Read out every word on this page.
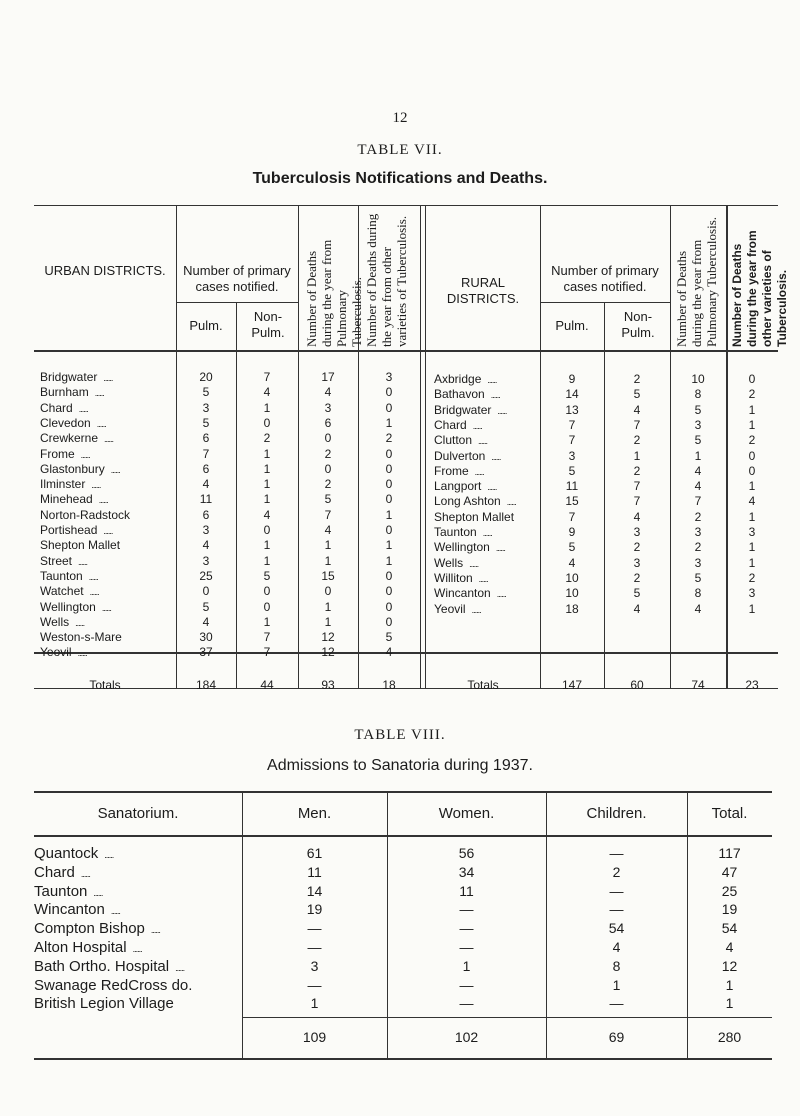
12
TABLE VII.
Tuberculosis Notifications and Deaths.
URBAN DISTRICTS.	Number of primary cases notified.
Pulm.
Non- Pulm.	Number of Deaths during the year from Pulmonary Tuberculosis. Number of Deaths during the year from other varieties of Tuberculosis.	RURAL DISTRICTS.
Number of primary cases notified.
Pulm.
Non- Pulm.	Number of Deaths during the year from Pulmonary Tuberculosis. Number of Deaths during the year from other varieties of Tuberculosis.
Bridgwater ......	20	7	17	3
Burnham ......	5	4	4	0
Chard ......	3	1	3	0
Clevedon ......	5	0	6	1
Crewkerne ......	6	2	0	2
Frome ......	7	1	2	0
Glastonbury ......	6	1	0	0
Ilminster ......	4	1	2	0
Minehead ......	11	1	5	0
Norton-Radstock	6	4	7	1
Portishead ......	3	0	4	0
Shepton Mallet	4	1	1	1
Street ......	3	1	1	1
Taunton ......	25	5	15	0
Watchet ......	0	0	0	0
Wellington ......	5	0	1	0
Wells ......	4	1	1	0
Weston-s-Mare	30	7	12	5
Yeovil ......	37	7	12	4
Axbridge ......	9	2	10	0
Bathavon ......	14	5	8	2
Bridgwater ......	13	4	5	1
Chard ......	7	7	3	1
Clutton ......	7	2	5	2
Dulverton ......	3	1	1	0
Frome ......	5	2	4	0
Langport ......	11	7	4	1
Long Ashton ......	15	7	7	4
Shepton Mallet	7	4	2	1
Taunton ......	9	3	3	3
Wellington ......	5	2	2	1
Wells ......	4	3	3	1
Williton ......	10	2	5	2
Wincanton ......	10	5	8	3
Yeovil ......	18	4	4	1
Totals	184	44	93	18	Totals	147	60	74	23
TABLE VIII.
Admissions to Sanatoria during 1937.
Sanatorium.	Men.	Women.	Children.	Total.
Quantock ......	61	56	—	117
Chard ......	11	34	2	47
Taunton ......	14	11	—	25
Wincanton ......	19	—	—	19
Compton Bishop ......	—	—	54	54
Alton Hospital ......	—	—	4	4
Bath Ortho. Hospital ......	3	1	8	12
Swanage RedCross do.	—	—	1	1
British Legion Village	1	—	—	1
109	102	69	280
